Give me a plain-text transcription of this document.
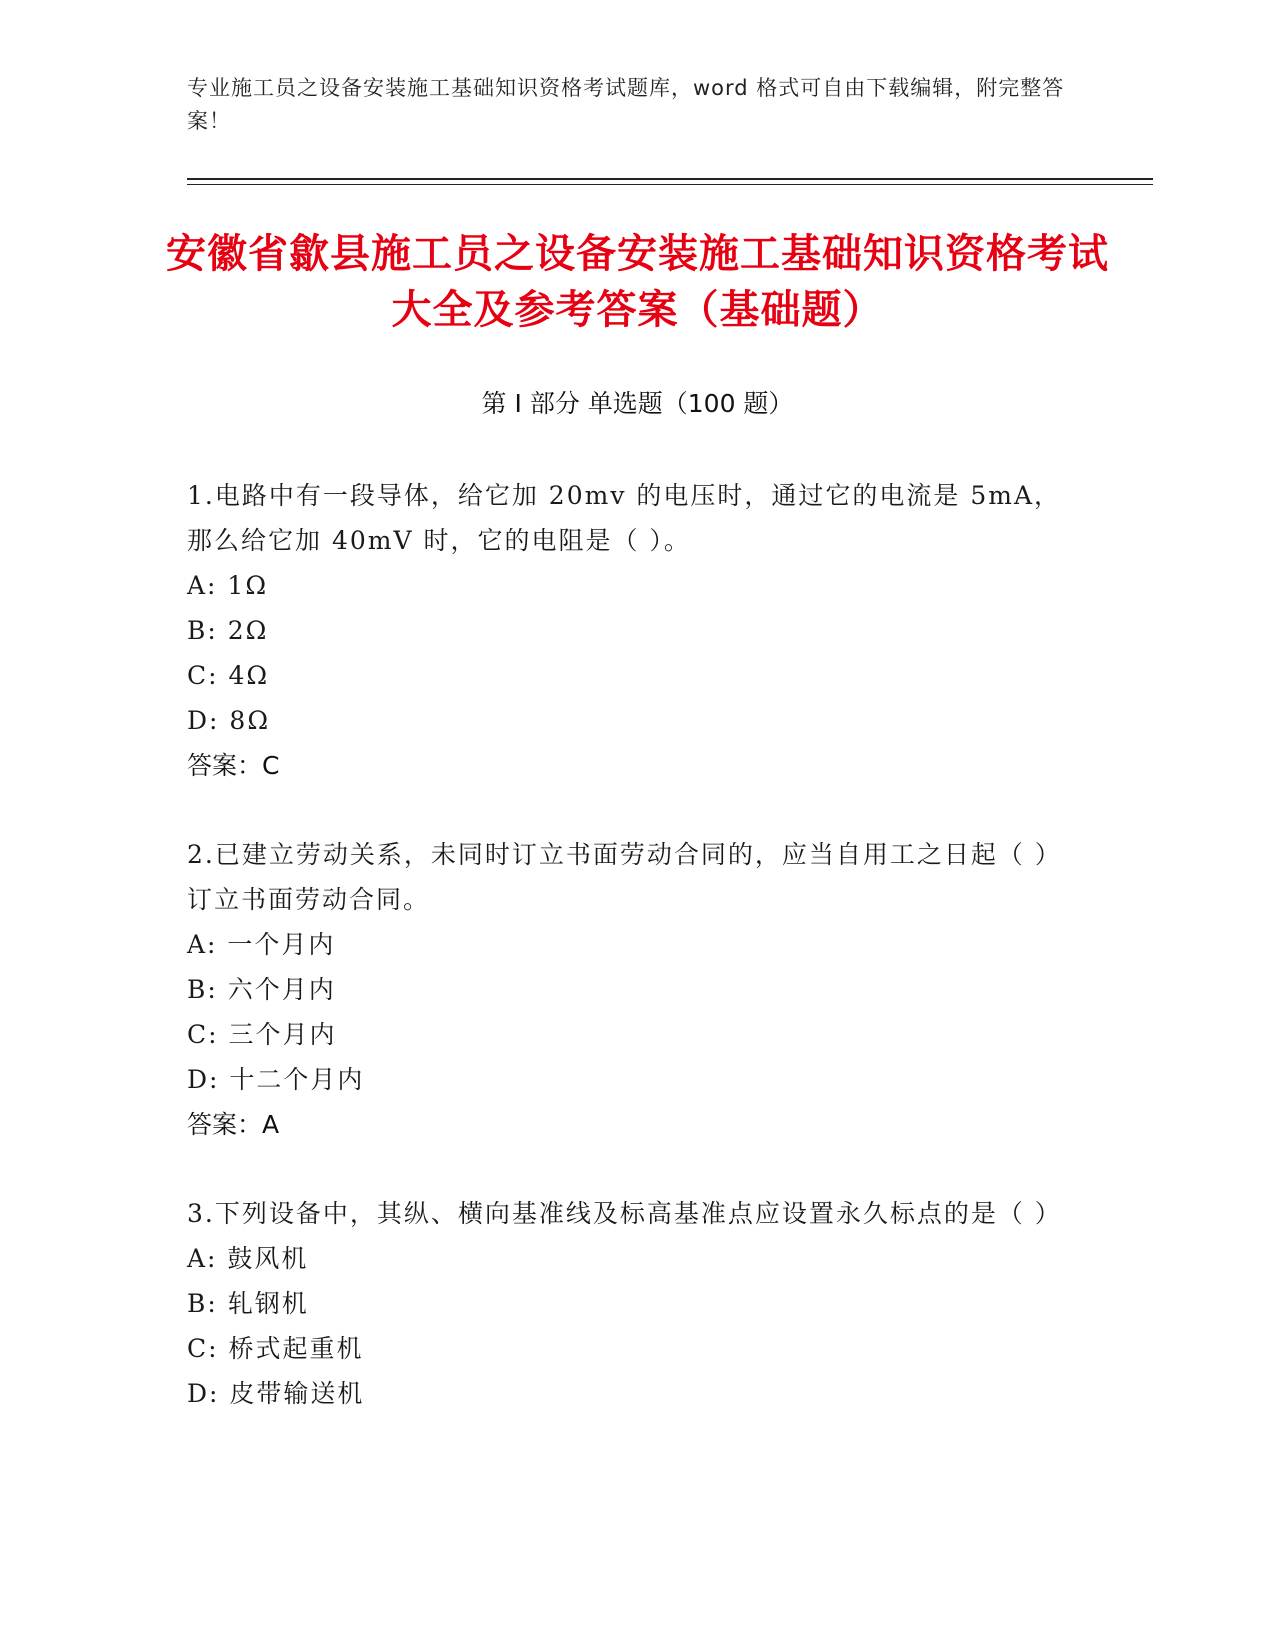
专业施工员之设备安装施工基础知识资格考试题库，word 格式可自由下载编辑，附完整答案！
安徽省歙县施工员之设备安装施工基础知识资格考试大全及参考答案（基础题）
第 I 部分 单选题（100 题）
1.电路中有一段导体，给它加 20mv 的电压时，通过它的电流是 5mA，那么给它加 40mV 时，它的电阻是（ ）。
A: 1Ω
B: 2Ω
C: 4Ω
D: 8Ω
答案：C
2.已建立劳动关系，未同时订立书面劳动合同的，应当自用工之日起（ ）订立书面劳动合同。
A: 一个月内
B: 六个月内
C: 三个月内
D: 十二个月内
答案：A
3.下列设备中，其纵、横向基准线及标高基准点应设置永久标点的是（ ）
A: 鼓风机
B: 轧钢机
C: 桥式起重机
D: 皮带输送机
